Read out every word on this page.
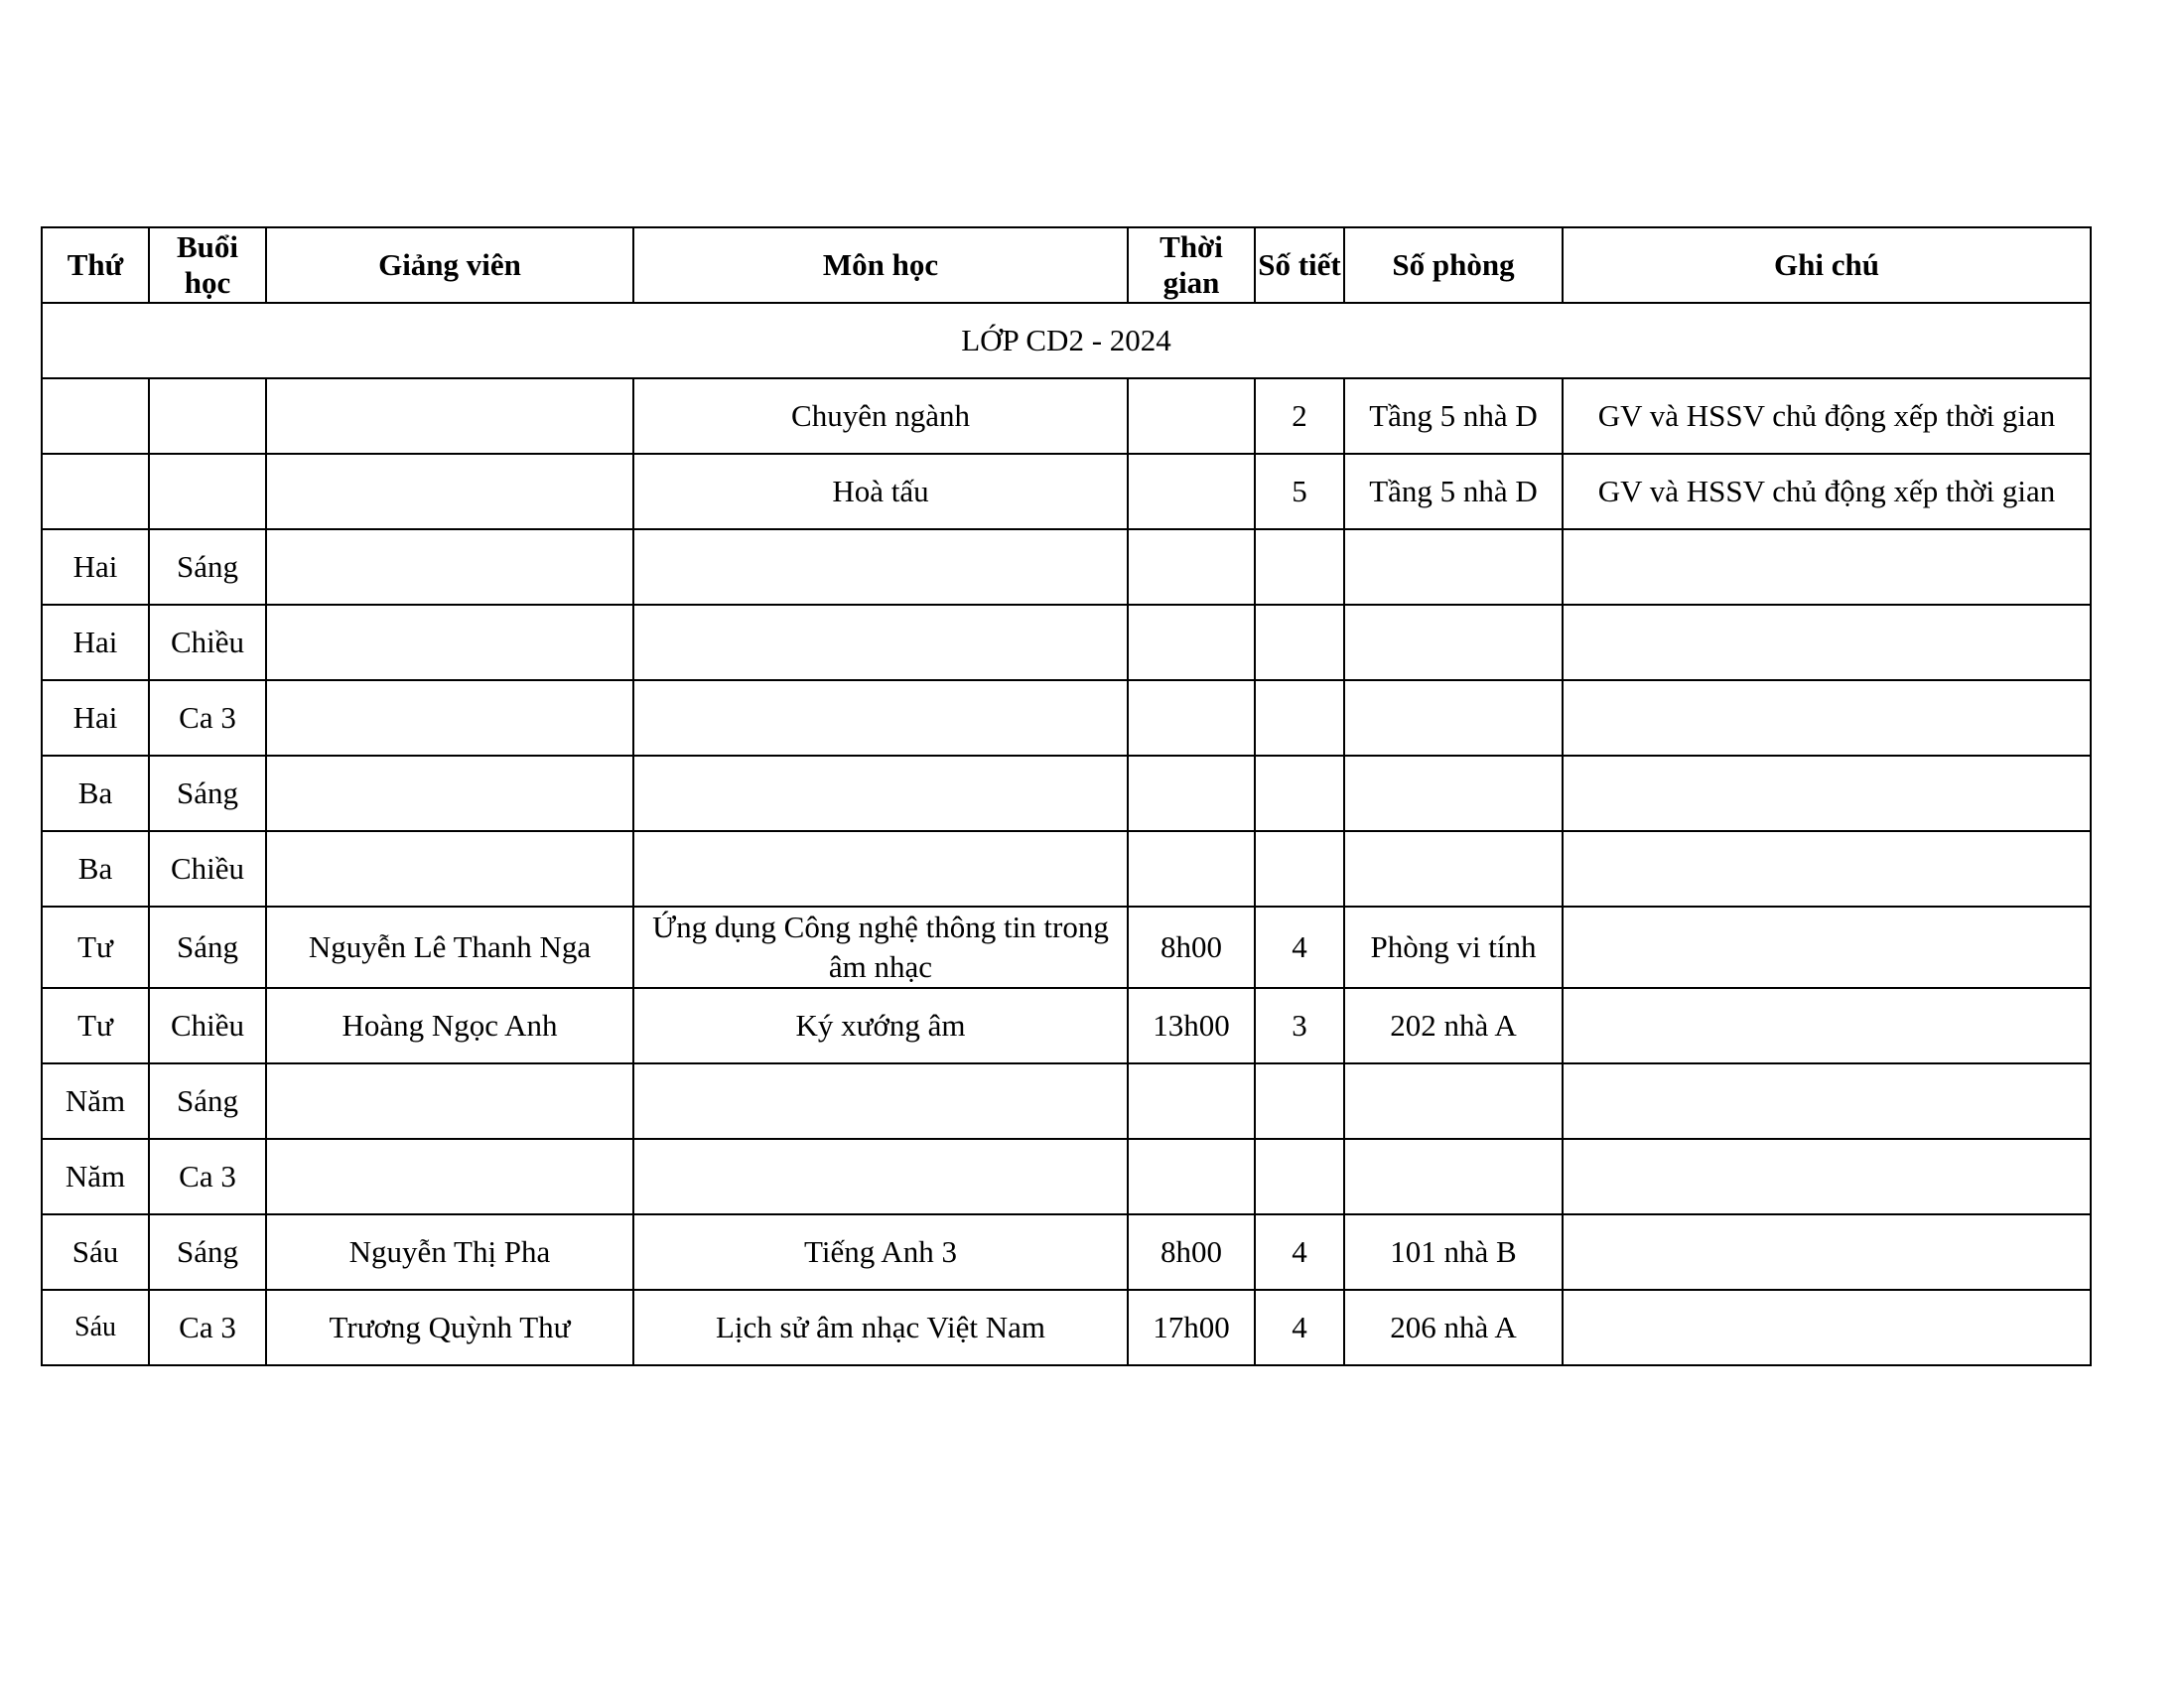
Thứ	Buổi học	Giảng viên	Môn học	Thời gian	Số tiết	Số phòng	Ghi chú
LỚP CD2 - 2024							
			Chuyên ngành		2	Tầng 5 nhà D	GV và HSSV chủ động xếp thời gian
			Hoà tấu		5	Tầng 5 nhà D	GV và HSSV chủ động xếp thời gian
Hai	Sáng						
Hai	Chiều						
Hai	Ca 3						
Ba	Sáng						
Ba	Chiều						
Tư	Sáng	Nguyễn Lê Thanh Nga	Ứng dụng Công nghệ thông tin trong âm nhạc	8h00	4	Phòng vi tính	
Tư	Chiều	Hoàng Ngọc Anh	Ký xướng âm	13h00	3	202 nhà A	
Năm	Sáng						
Năm	Ca 3						
Sáu	Sáng	Nguyễn Thị Pha	Tiếng Anh 3	8h00	4	101 nhà B	
Sáu	Ca 3	Trương Quỳnh Thư	Lịch sử âm nhạc Việt Nam	17h00	4	206 nhà A	
